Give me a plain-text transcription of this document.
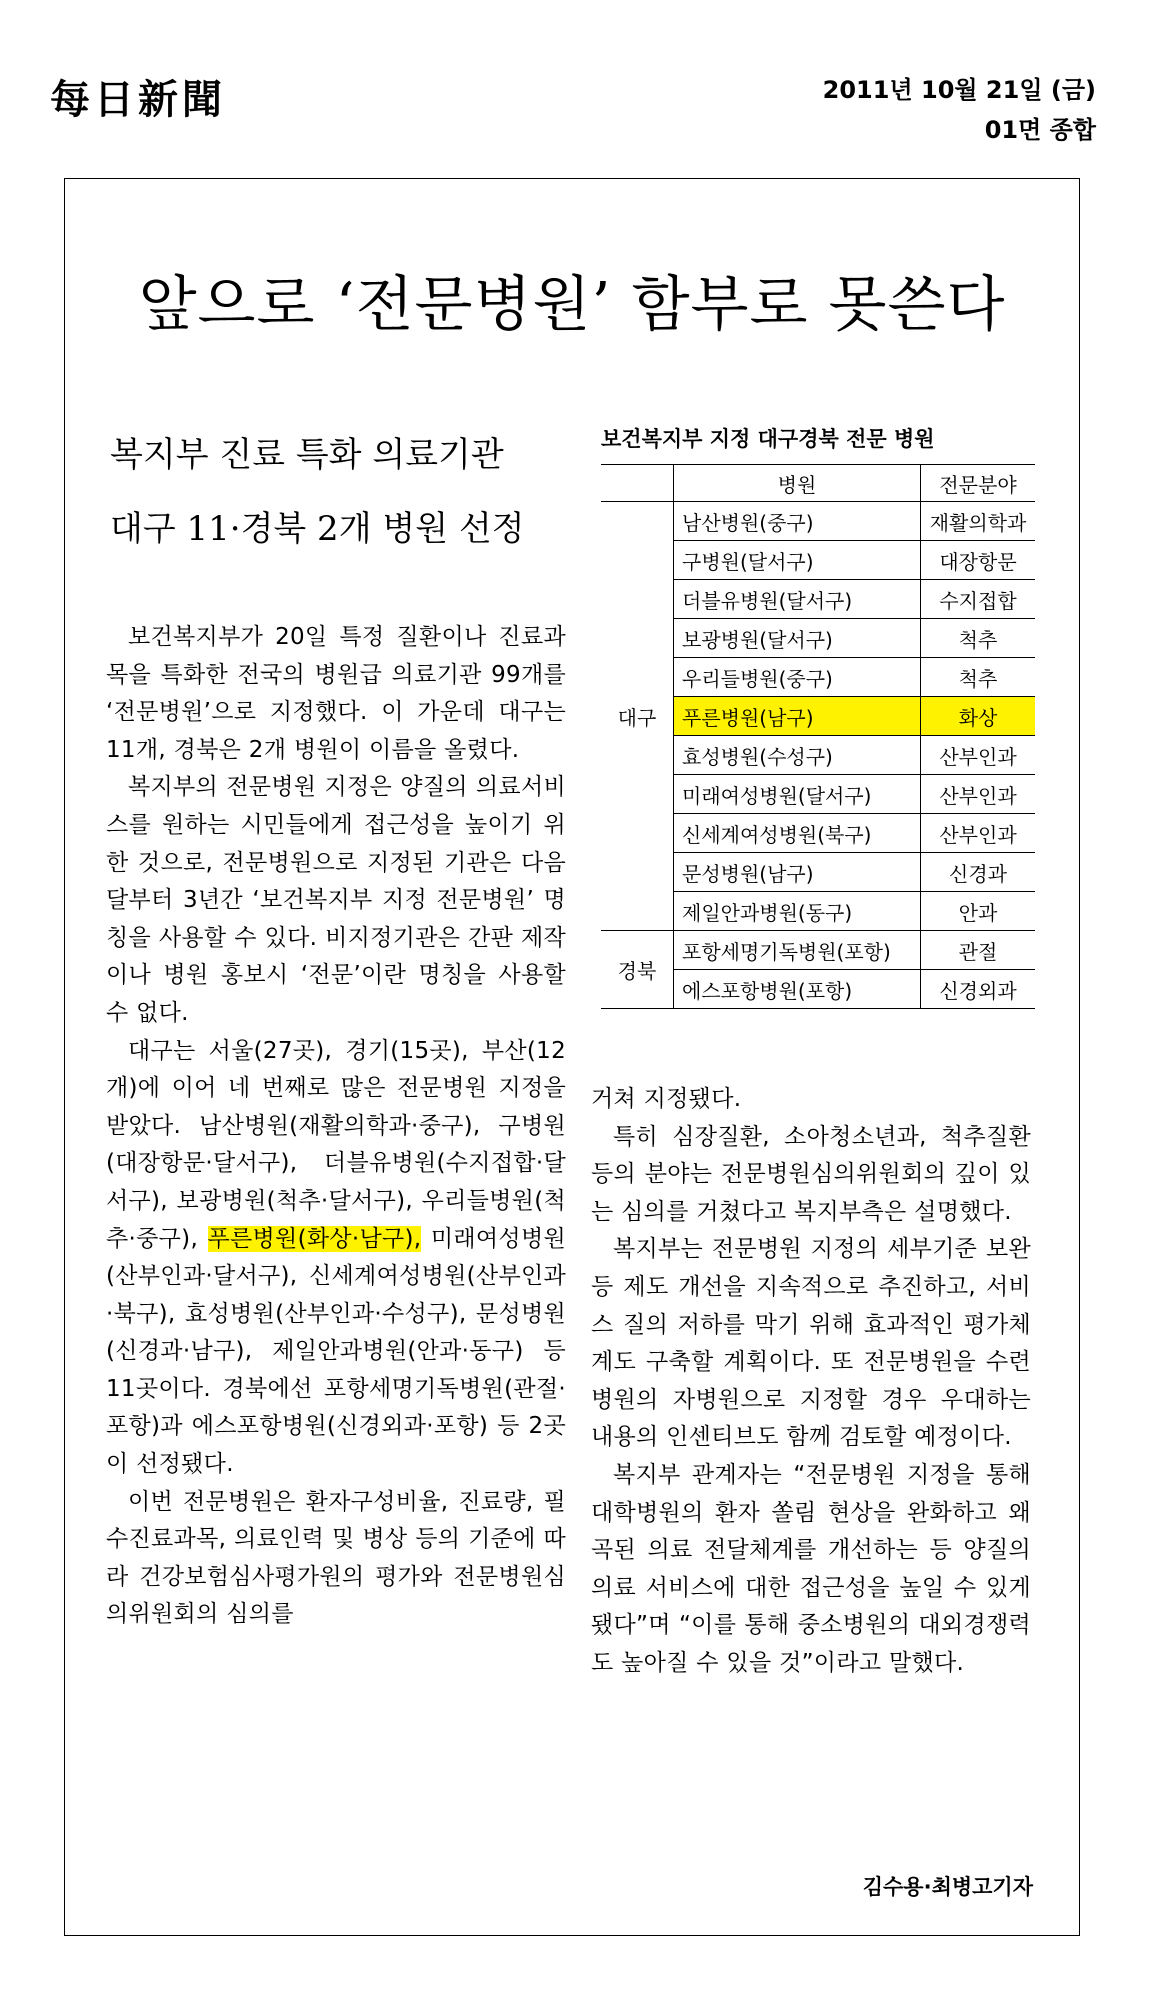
每日新聞	2011년 10월 21일 (금)
01면 종합
앞으로 ‘전문병원’ 함부로 못쓴다
복지부 진료 특화 의료기관
대구 11·경북 2개 병원 선정
보건복지부 지정 대구경북 전문 병원
	병원	전문분야
대구	남산병원(중구)	재활의학과
	구병원(달서구)	대장항문
	더블유병원(달서구)	수지접합
	보광병원(달서구)	척추
	우리들병원(중구)	척추
	푸른병원(남구)	화상
	효성병원(수성구)	산부인과
	미래여성병원(달서구)	산부인과
	신세계여성병원(북구)	산부인과
	문성병원(남구)	신경과
	제일안과병원(동구)	안과
경북	포항세명기독병원(포항)	관절
	에스포항병원(포항)	신경외과

보건복지부가 20일 특정 질환이나 진료과목을 특화한 전국의 병원급 의료기관 99개를 ‘전문병원’으로 지정했다. 이 가운데 대구는 11개, 경북은 2개 병원이 이름을 올렸다.

복지부의 전문병원 지정은 양질의 의료서비스를 원하는 시민들에게 접근성을 높이기 위한 것으로, 전문병원으로 지정된 기관은 다음달부터 3년간 ‘보건복지부 지정 전문병원’ 명칭을 사용할 수 있다. 비지정기관은 간판 제작이나 병원 홍보시 ‘전문’이란 명칭을 사용할 수 없다.

대구는 서울(27곳), 경기(15곳), 부산(12개)에 이어 네 번째로 많은 전문병원 지정을 받았다. 남산병원(재활의학과·중구), 구병원(대장항문·달서구), 더블유병원(수지접합·달서구), 보광병원(척추·달서구), 우리들병원(척추·중구), 푸른병원(화상·남구), 미래여성병원(산부인과·달서구), 신세계여성병원(산부인과·북구), 효성병원(산부인과·수성구), 문성병원(신경과·남구), 제일안과병원(안과·동구) 등 11곳이다. 경북에선 포항세명기독병원(관절·포항)과 에스포항병원(신경외과·포항) 등 2곳이 선정됐다.

이번 전문병원은 환자구성비율, 진료량, 필수진료과목, 의료인력 및 병상 등의 기준에 따라 건강보험심사평가원의 평가와 전문병원심의위원회의 심의를

거쳐 지정됐다.

특히 심장질환, 소아청소년과, 척추질환 등의 분야는 전문병원심의위원회의 깊이 있는 심의를 거쳤다고 복지부측은 설명했다.

복지부는 전문병원 지정의 세부기준 보완 등 제도 개선을 지속적으로 추진하고, 서비스 질의 저하를 막기 위해 효과적인 평가체계도 구축할 계획이다. 또 전문병원을 수련병원의 자병원으로 지정할 경우 우대하는 내용의 인센티브도 함께 검토할 예정이다.

복지부 관계자는 “전문병원 지정을 통해 대학병원의 환자 쏠림 현상을 완화하고 왜곡된 의료 전달체계를 개선하는 등 양질의 의료 서비스에 대한 접근성을 높일 수 있게 됐다”며 “이를 통해 중소병원의 대외경쟁력도 높아질 수 있을 것”이라고 말했다.

김수용·최병고기자
